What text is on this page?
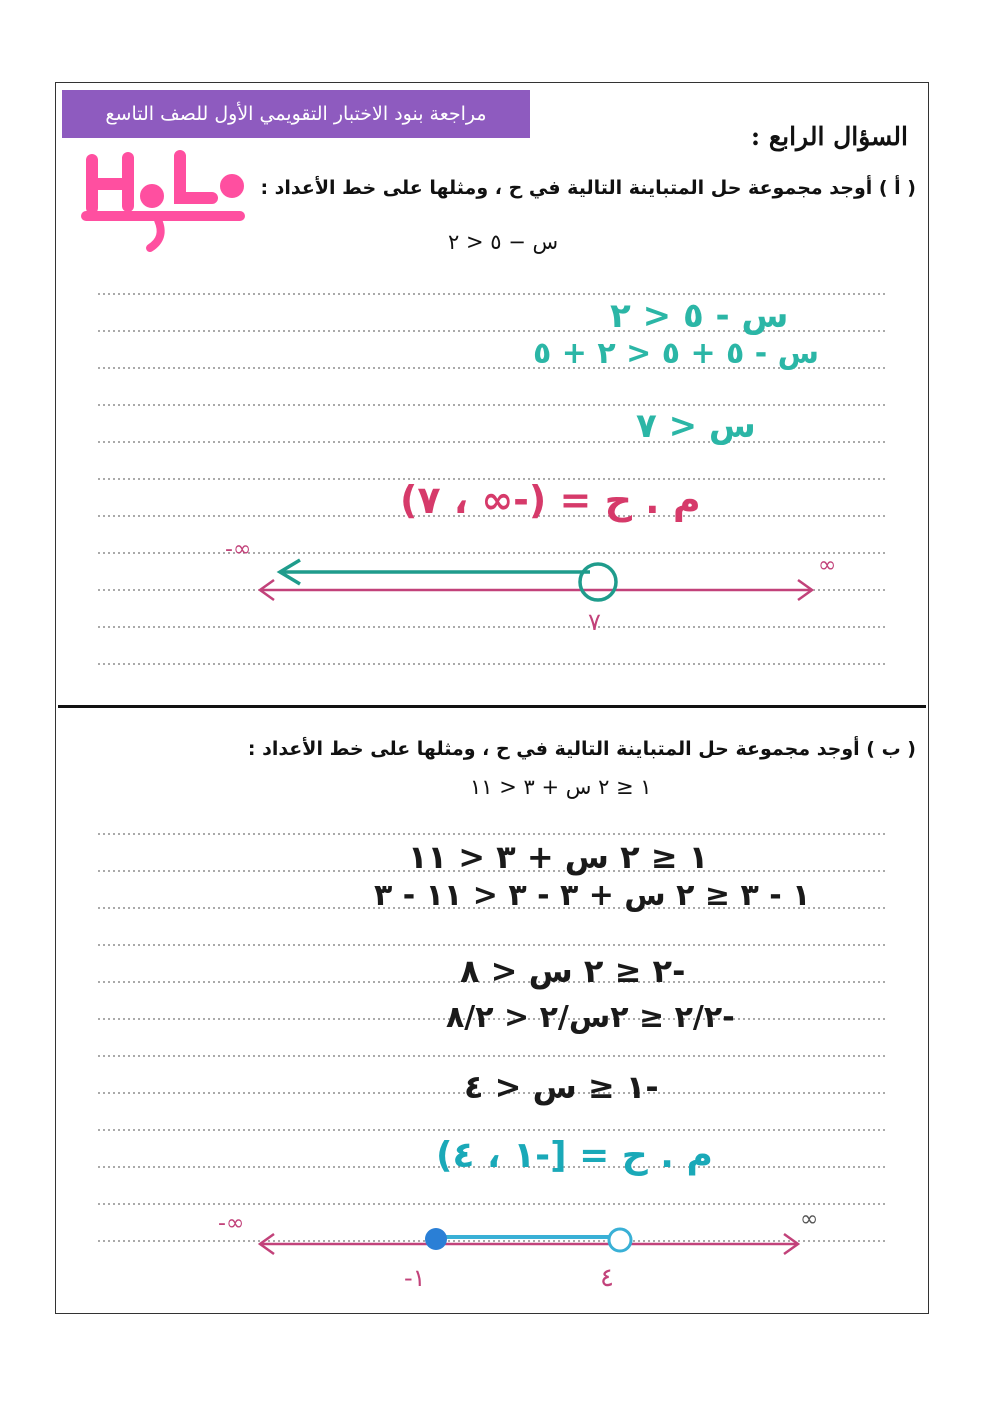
مراجعة بنود الاختبار التقويمي الأول للصف التاسع
السؤال الرابع :
( أ ) أوجد مجموعة حل المتباينة التالية في ح ، ومثلها على خط الأعداد :
س − ٥ < ٢
س - ٥ < ٢
س - ٥ + ٥ < ٢ + ٥
س < ٧
م . ح = (-∞ ، ٧)
-∞
∞
٧
( ب ) أوجد مجموعة حل المتباينة التالية في ح ، ومثلها على خط الأعداد :
١ ≤ ٢ س + ٣ < ١١
١ ≤ ٢ س + ٣ < ١١
١ - ٣ ≤ ٢ س + ٣ - ٣ < ١١ - ٣
-٢ ≤ ٢ س < ٨
-٢/٢ ≤ ٢س/٢ < ٨/٢
-١ ≤ س < ٤
م . ح = [-١ ، ٤)
-∞	∞
-١	٤
